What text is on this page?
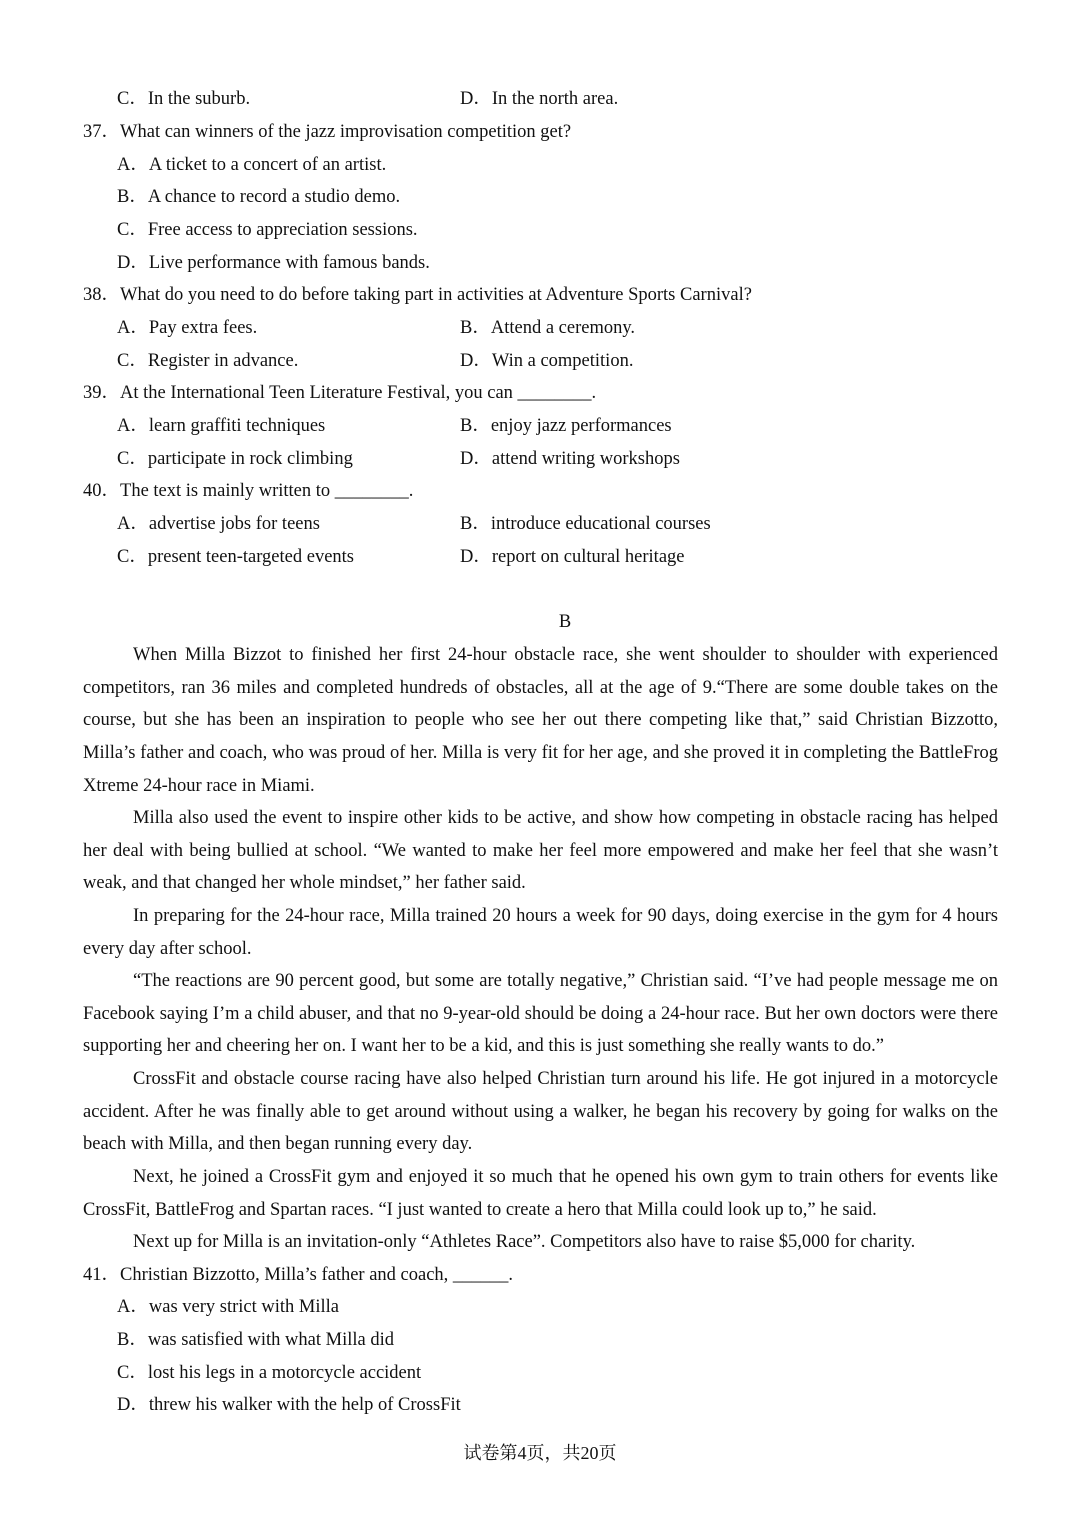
C．In the suburb.	D．In the north area.
37．What can winners of the jazz improvisation competition get?
A．A ticket to a concert of an artist.
B．A chance to record a studio demo.
C．Free access to appreciation sessions.
D．Live performance with famous bands.
38．What do you need to do before taking part in activities at Adventure Sports Carnival?
A．Pay extra fees.	B．Attend a ceremony.
C．Register in advance.	D．Win a competition.
39．At the International Teen Literature Festival, you can ________.
A．learn graffiti techniques	B．enjoy jazz performances
C．participate in rock climbing	D．attend writing workshops
40．The text is mainly written to ________.
A．advertise jobs for teens	B．introduce educational courses
C．present teen-targeted events	D．report on cultural heritage
B
When Milla Bizzot to finished her first 24-hour obstacle race, she went shoulder to shoulder with experienced competitors, ran 36 miles and completed hundreds of obstacles, all at the age of 9.“There are some double takes on the course, but she has been an inspiration to people who see her out there competing like that,” said Christian Bizzotto, Milla’s father and coach, who was proud of her. Milla is very fit for her age, and she proved it in completing the BattleFrog Xtreme 24-hour race in Miami.
Milla also used the event to inspire other kids to be active, and show how competing in obstacle racing has helped her deal with being bullied at school. “We wanted to make her feel more empowered and make her feel that she wasn’t weak, and that changed her whole mindset,” her father said.
In preparing for the 24-hour race, Milla trained 20 hours a week for 90 days, doing exercise in the gym for 4 hours every day after school.
“The reactions are 90 percent good, but some are totally negative,” Christian said. “I’ve had people message me on Facebook saying I’m a child abuser, and that no 9-year-old should be doing a 24-hour race. But her own doctors were there supporting her and cheering her on. I want her to be a kid, and this is just something she really wants to do.”
CrossFit and obstacle course racing have also helped Christian turn around his life. He got injured in a motorcycle accident. After he was finally able to get around without using a walker, he began his recovery by going for walks on the beach with Milla, and then began running every day.
Next, he joined a CrossFit gym and enjoyed it so much that he opened his own gym to train others for events like CrossFit, BattleFrog and Spartan races. “I just wanted to create a hero that Milla could look up to,” he said.
Next up for Milla is an invitation-only “Athletes Race”. Competitors also have to raise $5,000 for charity.
41．Christian Bizzotto, Milla’s father and coach, ______.
A．was very strict with Milla
B．was satisfied with what Milla did
C．lost his legs in a motorcycle accident
D．threw his walker with the help of CrossFit
试卷第4页，共20页
